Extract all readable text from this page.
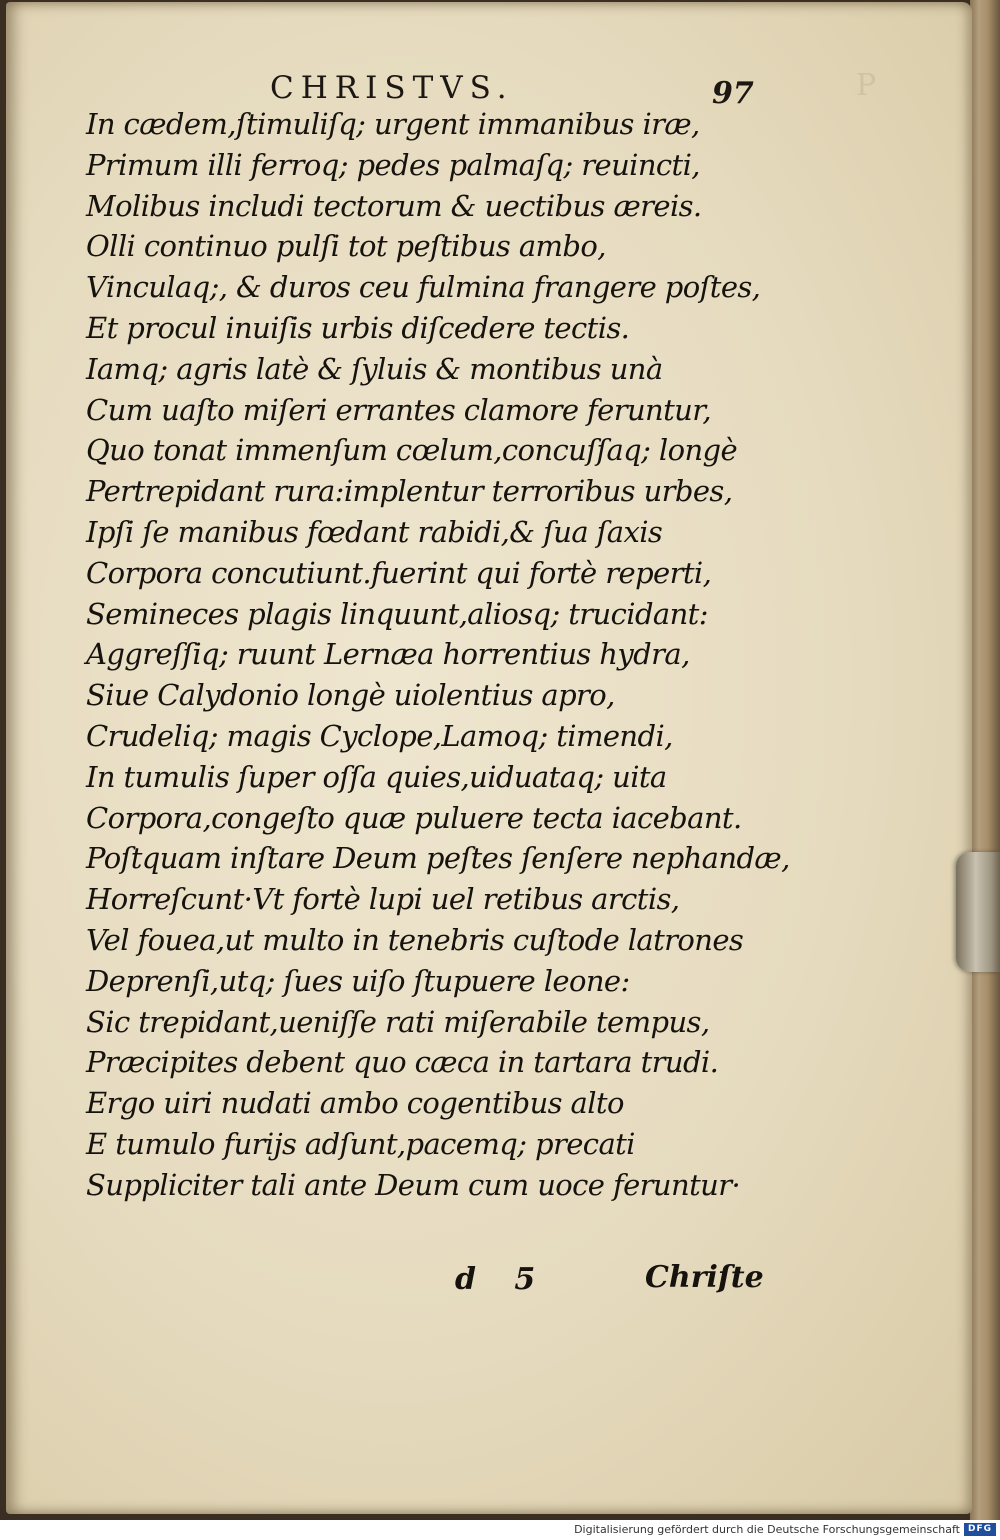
P
CHRISTVS.	97
In cædem,ſtimuliſq; urgent immanibus iræ,
Primum illi ferroq; pedes palmaſq; reuincti,
Molibus includi tectorum & uectibus æreis.
Olli continuo pulſi tot peſtibus ambo,
Vinculaq;, & duros ceu fulmina frangere poſtes,
Et procul inuiſis urbis diſcedere tectis.
Iamq; agris latè & ſyluis & montibus unà
Cum uaſto miſeri errantes clamore feruntur,
Quo tonat immenſum cœlum,concuſſaq; longè
Pertrepidant rura:implentur terroribus urbes,
Ipſi ſe manibus fœdant rabidi,& ſua ſaxis
Corpora concutiunt.fuerint qui fortè reperti,
Semineces plagis linquunt,aliosq; trucidant:
Aggreſſiq; ruunt Lernæa horrentius hydra,
Siue Calydonio longè uiolentius apro,
Crudeliq; magis Cyclope,Lamoq; timendi,
In tumulis ſuper oſſa quies,uiduataq; uita
Corpora,congeſto quæ puluere tecta iacebant.
Poſtquam inſtare Deum peſtes ſenſere nephandæ,
Horreſcunt·Vt fortè lupi uel retibus arctis,
Vel fouea,ut multo in tenebris cuſtode latrones
Deprenſi,utq; ſues uiſo ſtupuere leone:
Sic trepidant,ueniſſe rati miſerabile tempus,
Præcipites debent quo cæca in tartara trudi.
Ergo uiri nudati ambo cogentibus alto
E tumulo furijs adſunt,pacemq; precati
Suppliciter tali ante Deum cum uoce feruntur·
d 5	Chriſte
Digitalisierung gefördert durch die Deutsche Forschungsgemeinschaft DFG
